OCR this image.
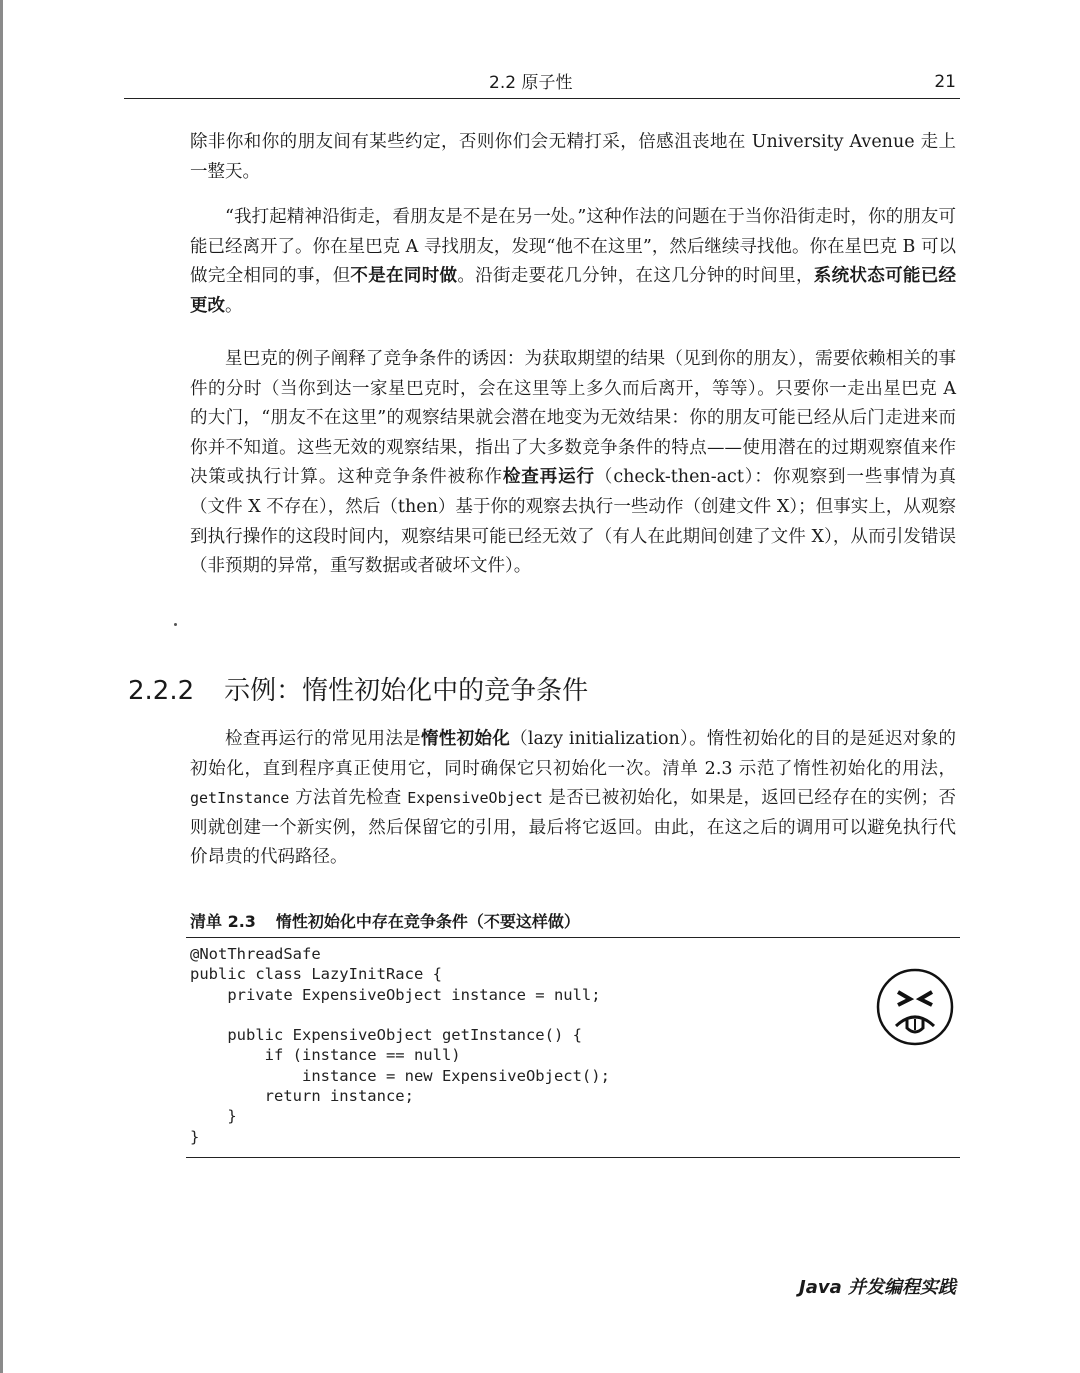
2.2 原子性	21

除非你和你的朋友间有某些约定，否则你们会无精打采，倍感沮丧地在 University Avenue 走上一整天。

“我打起精神沿街走，看朋友是不是在另一处。”这种作法的问题在于当你沿街走时，你的朋友可能已经离开了。你在星巴克 A 寻找朋友，发现“他不在这里”，然后继续寻找他。你在星巴克 B 可以做完全相同的事，但不是在同时做。沿街走要花几分钟，在这几分钟的时间里，系统状态可能已经更改。

星巴克的例子阐释了竞争条件的诱因：为获取期望的结果（见到你的朋友），需要依赖相关的事件的分时（当你到达一家星巴克时，会在这里等上多久而后离开，等等）。只要你一走出星巴克 A 的大门，“朋友不在这里”的观察结果就会潜在地变为无效结果：你的朋友可能已经从后门走进来而你并不知道。这些无效的观察结果，指出了大多数竞争条件的特点——使用潜在的过期观察值来作决策或执行计算。这种竞争条件被称作检查再运行（check-then-act）：你观察到一些事情为真（文件 X 不存在），然后（then）基于你的观察去执行一些动作（创建文件 X）；但事实上，从观察到执行操作的这段时间内，观察结果可能已经无效了（有人在此期间创建了文件 X），从而引发错误（非预期的异常，重写数据或者破坏文件）。

2.2.2 示例：惰性初始化中的竞争条件

检查再运行的常见用法是惰性初始化（lazy initialization）。惰性初始化的目的是延迟对象的初始化，直到程序真正使用它，同时确保它只初始化一次。清单 2.3 示范了惰性初始化的用法，getInstance 方法首先检查 ExpensiveObject 是否已被初始化，如果是，返回已经存在的实例；否则就创建一个新实例，然后保留它的引用，最后将它返回。由此，在这之后的调用可以避免执行代价昂贵的代码路径。

清单 2.3 惰性初始化中存在竞争条件（不要这样做）
@NotThreadSafe
public class LazyInitRace {
private ExpensiveObject instance = null;

public ExpensiveObject getInstance() {
if (instance == null)
instance = new ExpensiveObject();
return instance;
}
}
Java 并发编程实践
